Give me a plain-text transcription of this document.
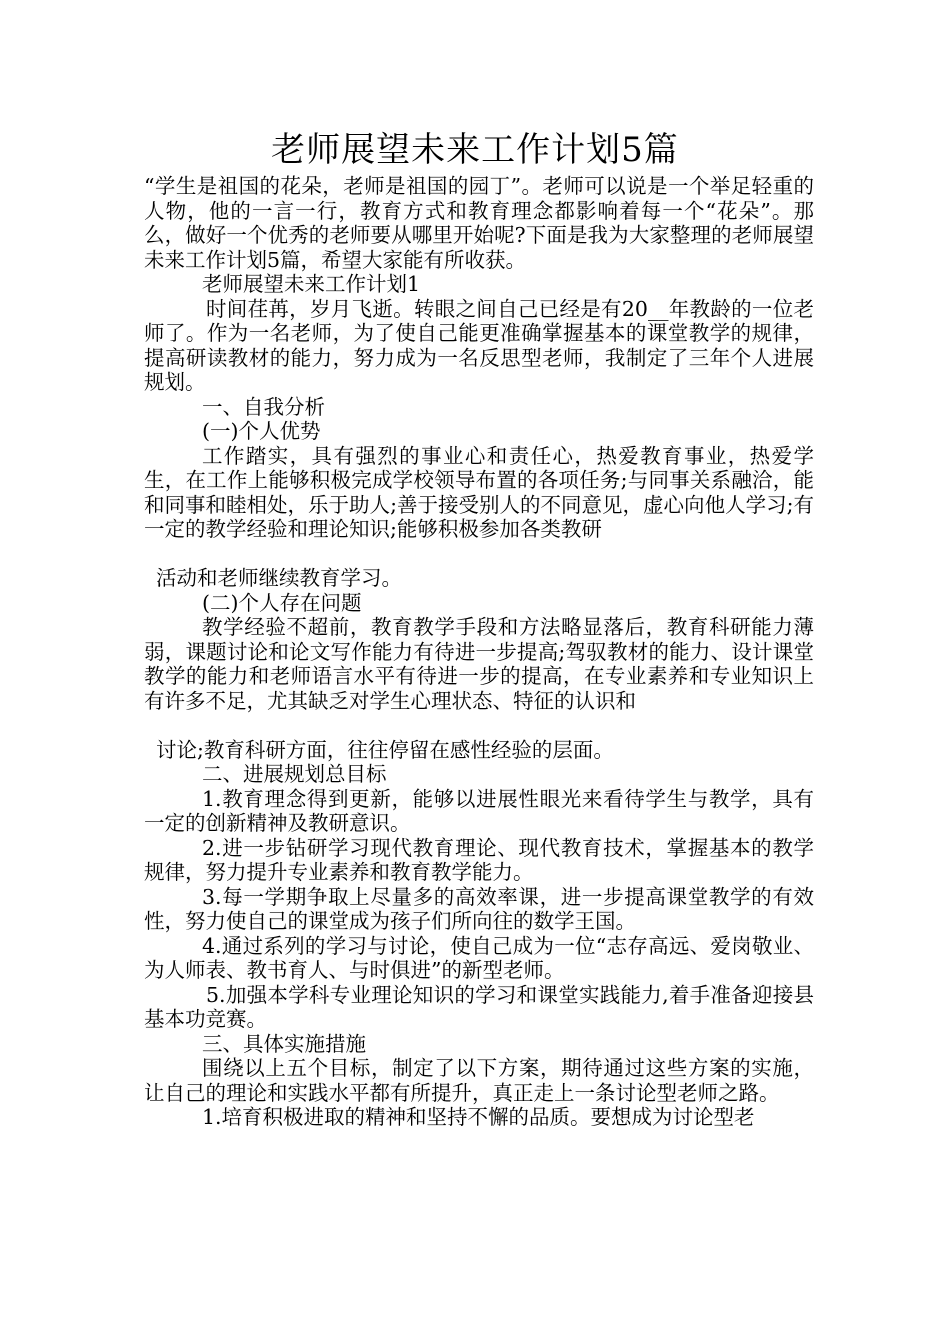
老师展望未来工作计划5篇

“学生是祖国的花朵，老师是祖国的园丁”。老师可以说是一个举足轻重的人物，他的一言一行，教育方式和教育理念都影响着每一个“花朵”。那么，做好一个优秀的老师要从哪里开始呢?下面是我为大家整理的老师展望未来工作计划5篇，希望大家能有所收获。

老师展望未来工作计划1

时间荏苒，岁月飞逝。转眼之间自己已经是有20__年教龄的一位老师了。作为一名老师，为了使自己能更准确掌握基本的课堂教学的规律，提高研读教材的能力，努力成为一名反思型老师，我制定了三年个人进展规划。

一、自我分析

(一)个人优势

工作踏实，具有强烈的事业心和责任心，热爱教育事业，热爱学生，在工作上能够积极完成学校领导布置的各项任务;与同事关系融洽，能和同事和睦相处，乐于助人;善于接受别人的不同意见，虚心向他人学习;有一定的教学经验和理论知识;能够积极参加各类教研

活动和老师继续教育学习。

(二)个人存在问题

教学经验不超前，教育教学手段和方法略显落后，教育科研能力薄弱，课题讨论和论文写作能力有待进一步提高;驾驭教材的能力、设计课堂教学的能力和老师语言水平有待进一步的提高，在专业素养和专业知识上有许多不足，尤其缺乏对学生心理状态、特征的认识和

讨论;教育科研方面，往往停留在感性经验的层面。

二、进展规划总目标

1.教育理念得到更新，能够以进展性眼光来看待学生与教学，具有一定的创新精神及教研意识。

2.进一步钻研学习现代教育理论、现代教育技术，掌握基本的教学规律，努力提升专业素养和教育教学能力。

3.每一学期争取上尽量多的高效率课，进一步提高课堂教学的有效性，努力使自己的课堂成为孩子们所向往的数学王国。

4.通过系列的学习与讨论，使自己成为一位“志存高远、爱岗敬业、为人师表、教书育人、与时俱进”的新型老师。

5.加强本学科专业理论知识的学习和课堂实践能力,着手准备迎接县基本功竞赛。

三、具体实施措施

围绕以上五个目标，制定了以下方案，期待通过这些方案的实施，让自己的理论和实践水平都有所提升，真正走上一条讨论型老师之路。

1.培育积极进取的精神和坚持不懈的品质。要想成为讨论型老
